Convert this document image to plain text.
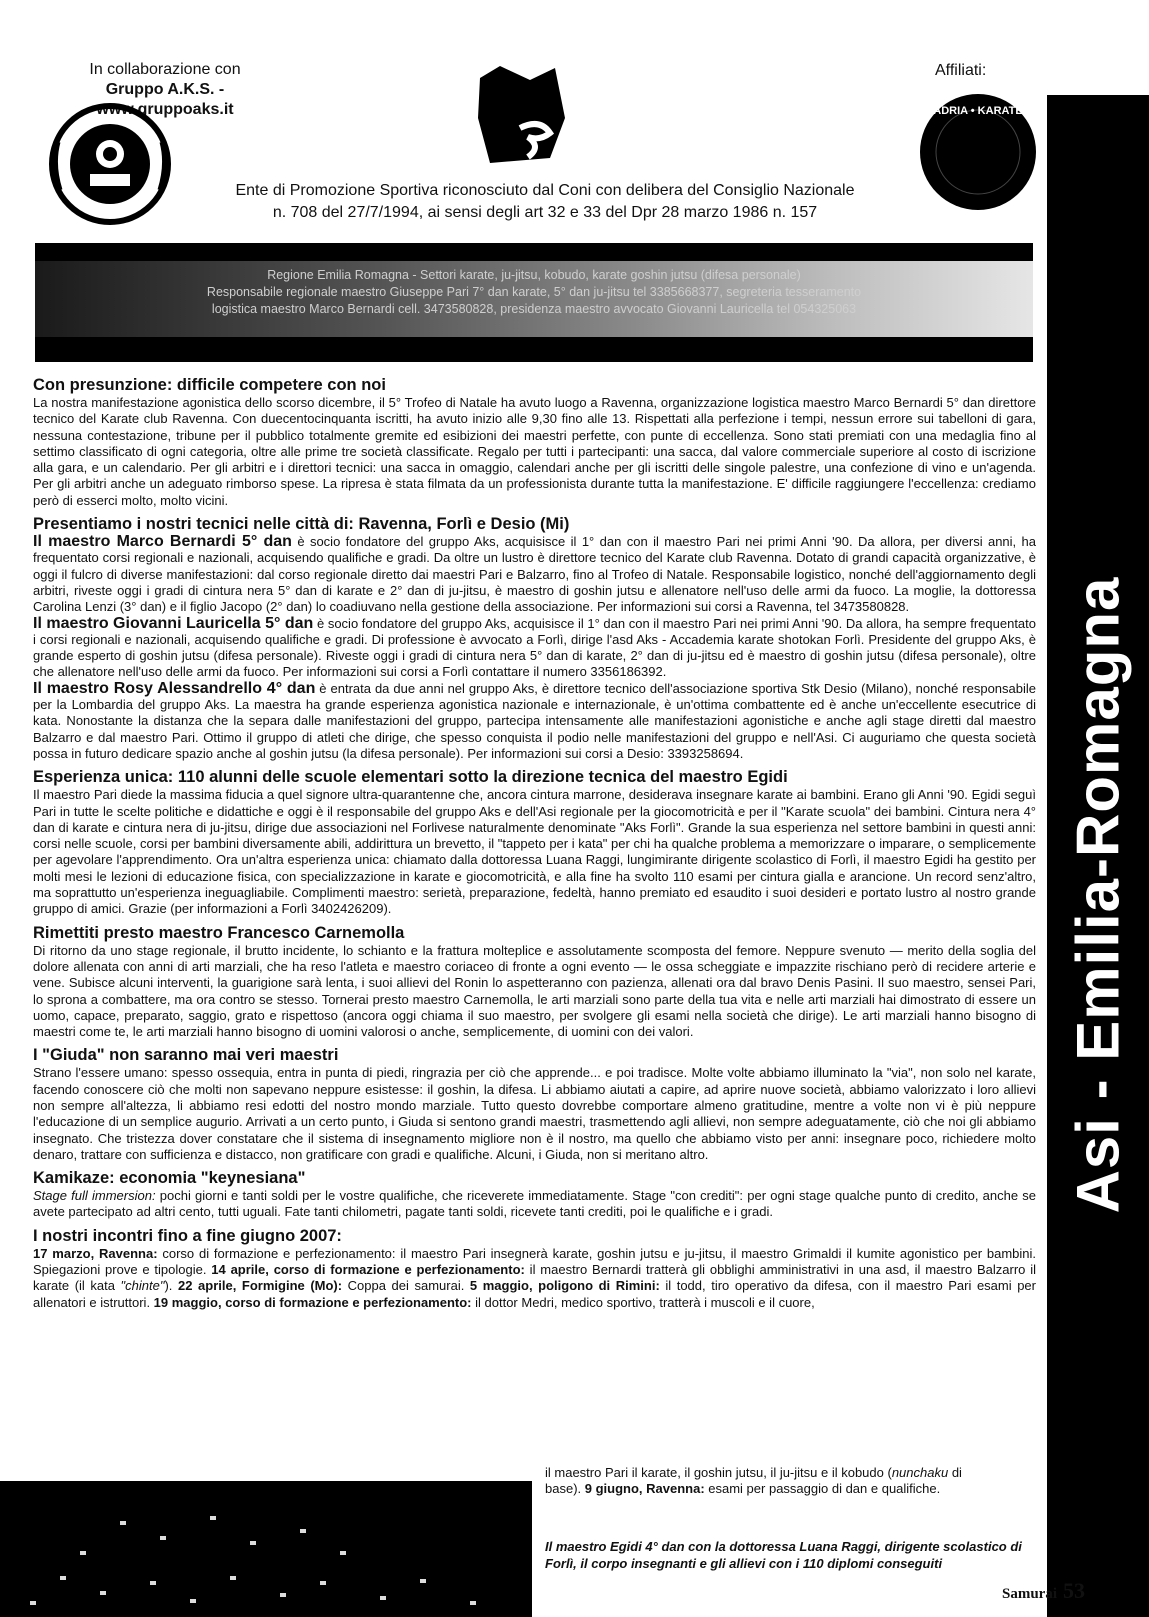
In collaborazione con
Gruppo A.K.S. - www.gruppoaks.it
Affiliati:
ADRIA • KARATE
Ente di Promozione Sportiva riconosciuto dal Coni con delibera del Consiglio Nazionale
n. 708 del 27/7/1994, ai sensi degli art 32 e 33 del Dpr 28 marzo 1986 n. 157
Regione Emilia Romagna - Settori karate, ju-jitsu, kobudo, karate goshin jutsu (difesa personale)
Responsabile regionale maestro Giuseppe Pari 7° dan karate, 5° dan ju-jitsu tel 3385668377, segreteria tesseramento
logistica maestro Marco Bernardi cell. 3473580828, presidenza maestro avvocato Giovanni Lauricella tel 054325063
Asi - Emilia-Romagna
Con presunzione: difficile competere con noi

La nostra manifestazione agonistica dello scorso dicembre, il 5° Trofeo di Natale ha avuto luogo a Ravenna, organizzazione logistica maestro Marco Bernardi 5° dan direttore tecnico del Karate club Ravenna. Con duecentocinquanta iscritti, ha avuto inizio alle 9,30 fino alle 13. Rispettati alla perfezione i tempi, nessun errore sui tabelloni di gara, nessuna contestazione, tribune per il pubblico totalmente gremite ed esibizioni dei maestri perfette, con punte di eccellenza. Sono stati premiati con una medaglia fino al settimo classificato di ogni categoria, oltre alle prime tre società classificate. Regalo per tutti i partecipanti: una sacca, dal valore commerciale superiore al costo di iscrizione alla gara, e un calendario. Per gli arbitri e i direttori tecnici: una sacca in omaggio, calendari anche per gli iscritti delle singole palestre, una confezione di vino e un'agenda. Per gli arbitri anche un adeguato rimborso spese. La ripresa è stata filmata da un professionista durante tutta la manifestazione. E' difficile raggiungere l'eccellenza: crediamo però di esserci molto, molto vicini.

Presentiamo i nostri tecnici nelle città di: Ravenna, Forlì e Desio (Mi)

Il maestro Marco Bernardi 5° dan è socio fondatore del gruppo Aks, acquisisce il 1° dan con il maestro Pari nei primi Anni '90. Da allora, per diversi anni, ha frequentato corsi regionali e nazionali, acquisendo qualifiche e gradi. Da oltre un lustro è direttore tecnico del Karate club Ravenna. Dotato di grandi capacità organizzative, è oggi il fulcro di diverse manifestazioni: dal corso regionale diretto dai maestri Pari e Balzarro, fino al Trofeo di Natale. Responsabile logistico, nonché dell'aggiornamento degli arbitri, riveste oggi i gradi di cintura nera 5° dan di karate e 2° dan di ju-jitsu, è maestro di goshin jutsu e allenatore nell'uso delle armi da fuoco. La moglie, la dottoressa Carolina Lenzi (3° dan) e il figlio Jacopo (2° dan) lo coadiuvano nella gestione della associazione. Per informazioni sui corsi a Ravenna, tel 3473580828.

Il maestro Giovanni Lauricella 5° dan è socio fondatore del gruppo Aks, acquisisce il 1° dan con il maestro Pari nei primi Anni '90. Da allora, ha sempre frequentato i corsi regionali e nazionali, acquisendo qualifiche e gradi. Di professione è avvocato a Forlì, dirige l'asd Aks - Accademia karate shotokan Forlì. Presidente del gruppo Aks, è grande esperto di goshin jutsu (difesa personale). Riveste oggi i gradi di cintura nera 5° dan di karate, 2° dan di ju-jitsu ed è maestro di goshin jutsu (difesa personale), oltre che allenatore nell'uso delle armi da fuoco. Per informazioni sui corsi a Forlì contattare il numero 3356186392.

Il maestro Rosy Alessandrello 4° dan è entrata da due anni nel gruppo Aks, è direttore tecnico dell'associazione sportiva Stk Desio (Milano), nonché responsabile per la Lombardia del gruppo Aks. La maestra ha grande esperienza agonistica nazionale e internazionale, è un'ottima combattente ed è anche un'eccellente esecutrice di kata. Nonostante la distanza che la separa dalle manifestazioni del gruppo, partecipa intensamente alle manifestazioni agonistiche e anche agli stage diretti dal maestro Balzarro e dal maestro Pari. Ottimo il gruppo di atleti che dirige, che spesso conquista il podio nelle manifestazioni del gruppo e nell'Asi. Ci auguriamo che questa società possa in futuro dedicare spazio anche al goshin jutsu (la difesa personale). Per informazioni sui corsi a Desio: 3393258694.

Esperienza unica: 110 alunni delle scuole elementari sotto la direzione tecnica del maestro Egidi

Il maestro Pari diede la massima fiducia a quel signore ultra-quarantenne che, ancora cintura marrone, desiderava insegnare karate ai bambini. Erano gli Anni '90. Egidi seguì Pari in tutte le scelte politiche e didattiche e oggi è il responsabile del gruppo Aks e dell'Asi regionale per la giocomotricità e per il "Karate scuola" dei bambini. Cintura nera 4° dan di karate e cintura nera di ju-jitsu, dirige due associazioni nel Forlivese naturalmente denominate "Aks Forlì". Grande la sua esperienza nel settore bambini in questi anni: corsi nelle scuole, corsi per bambini diversamente abili, addirittura un brevetto, il "tappeto per i kata" per chi ha qualche problema a memorizzare o imparare, o semplicemente per agevolare l'apprendimento. Ora un'altra esperienza unica: chiamato dalla dottoressa Luana Raggi, lungimirante dirigente scolastico di Forlì, il maestro Egidi ha gestito per molti mesi le lezioni di educazione fisica, con specializzazione in karate e giocomotricità, e alla fine ha svolto 110 esami per cintura gialla e arancione. Un record senz'altro, ma soprattutto un'esperienza ineguagliabile. Complimenti maestro: serietà, preparazione, fedeltà, hanno premiato ed esaudito i suoi desideri e portato lustro al nostro grande gruppo di amici. Grazie (per informazioni a Forlì 3402426209).

Rimettiti presto maestro Francesco Carnemolla

Di ritorno da uno stage regionale, il brutto incidente, lo schianto e la frattura molteplice e assolutamente scomposta del femore. Neppure svenuto — merito della soglia del dolore allenata con anni di arti marziali, che ha reso l'atleta e maestro coriaceo di fronte a ogni evento — le ossa scheggiate e impazzite rischiano però di recidere arterie e vene. Subisce alcuni interventi, la guarigione sarà lenta, i suoi allievi del Ronin lo aspetteranno con pazienza, allenati ora dal bravo Denis Pasini. Il suo maestro, sensei Pari, lo sprona a combattere, ma ora contro se stesso. Tornerai presto maestro Carnemolla, le arti marziali sono parte della tua vita e nelle arti marziali hai dimostrato di essere un uomo, capace, preparato, saggio, grato e rispettoso (ancora oggi chiama il suo maestro, per svolgere gli esami nella società che dirige). Le arti marziali hanno bisogno di maestri come te, le arti marziali hanno bisogno di uomini valorosi o anche, semplicemente, di uomini con dei valori.

I "Giuda" non saranno mai veri maestri

Strano l'essere umano: spesso ossequia, entra in punta di piedi, ringrazia per ciò che apprende... e poi tradisce. Molte volte abbiamo illuminato la "via", non solo nel karate, facendo conoscere ciò che molti non sapevano neppure esistesse: il goshin, la difesa. Li abbiamo aiutati a capire, ad aprire nuove società, abbiamo valorizzato i loro allievi non sempre all'altezza, li abbiamo resi edotti del nostro mondo marziale. Tutto questo dovrebbe comportare almeno gratitudine, mentre a volte non vi è più neppure l'educazione di un semplice augurio. Arrivati a un certo punto, i Giuda si sentono grandi maestri, trasmettendo agli allievi, non sempre adeguatamente, ciò che noi gli abbiamo insegnato. Che tristezza dover constatare che il sistema di insegnamento migliore non è il nostro, ma quello che abbiamo visto per anni: insegnare poco, richiedere molto denaro, trattare con sufficienza e distacco, non gratificare con gradi e qualifiche. Alcuni, i Giuda, non si meritano altro.

Kamikaze: economia "keynesiana"

Stage full immersion: pochi giorni e tanti soldi per le vostre qualifiche, che riceverete immediatamente. Stage "con crediti": per ogni stage qualche punto di credito, anche se avete partecipato ad altri cento, tutti uguali. Fate tanti chilometri, pagate tanti soldi, ricevete tanti crediti, poi le qualifiche e i gradi.

I nostri incontri fino a fine giugno 2007:

17 marzo, Ravenna: corso di formazione e perfezionamento: il maestro Pari insegnerà karate, goshin jutsu e ju-jitsu, il maestro Grimaldi il kumite agonistico per bambini. Spiegazioni prove e tipologie. 14 aprile, corso di formazione e perfezionamento: il maestro Bernardi tratterà gli obblighi amministrativi in una asd, il maestro Balzarro il karate (il kata "chinte"). 22 aprile, Formigine (Mo): Coppa dei samurai. 5 maggio, poligono di Rimini: il todd, tiro operativo da difesa, con il maestro Pari esami per allenatori e istruttori. 19 maggio, corso di formazione e perfezionamento: il dottor Medri, medico sportivo, tratterà i muscoli e il cuore,

il maestro Pari il karate, il goshin jutsu, il ju-jitsu e il kobudo (nunchaku di
base). 9 giugno, Ravenna: esami per passaggio di dan e qualifiche.
Il maestro Egidi 4° dan con la dottoressa Luana Raggi, dirigente scolastico di Forlì, il corpo insegnanti e gli allievi con i 110 diplomi conseguiti
Samurai 53
